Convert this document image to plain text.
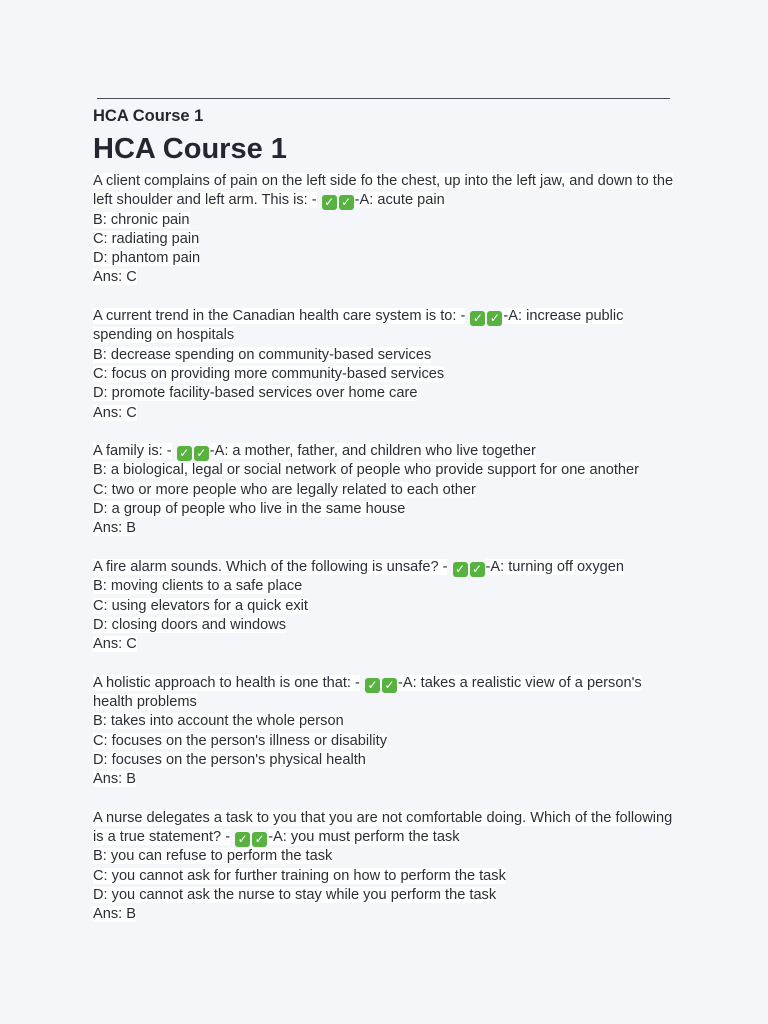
HCA Course 1

HCA Course 1
A client complains of pain on the left side fo the chest, up into the left jaw, and down to the left shoulder and left arm. This is: - ✓ ✓ -A: acute pain
B: chronic pain
C: radiating pain
D: phantom pain
Ans: C
A current trend in the Canadian health care system is to: - ✓ ✓ -A: increase public spending on hospitals
B: decrease spending on community-based services
C: focus on providing more community-based services
D: promote facility-based services over home care
Ans: C
A family is: - ✓ ✓ -A: a mother, father, and children who live together
B: a biological, legal or social network of people who provide support for one another
C: two or more people who are legally related to each other
D: a group of people who live in the same house
Ans: B
A fire alarm sounds. Which of the following is unsafe? - ✓ ✓ -A: turning off oxygen
B: moving clients to a safe place
C: using elevators for a quick exit
D: closing doors and windows
Ans: C
A holistic approach to health is one that: - ✓ ✓ -A: takes a realistic view of a person's health problems
B: takes into account the whole person
C: focuses on the person's illness or disability
D: focuses on the person's physical health
Ans: B
A nurse delegates a task to you that you are not comfortable doing. Which of the following is a true statement? - ✓ ✓ -A: you must perform the task
B: you can refuse to perform the task
C: you cannot ask for further training on how to perform the task
D: you cannot ask the nurse to stay while you perform the task
Ans: B
